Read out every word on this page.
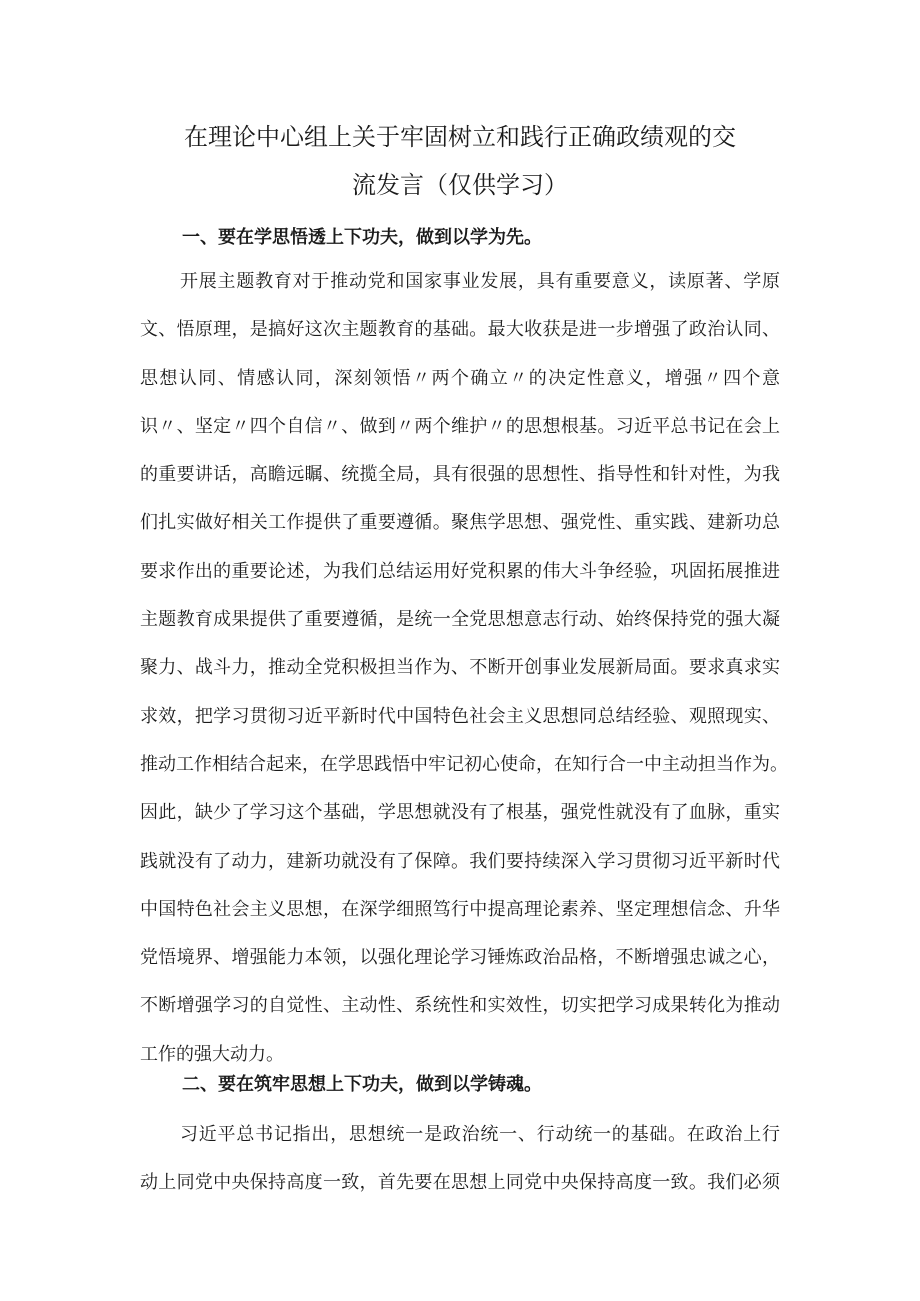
在理论中心组上关于牢固树立和践行正确政绩观的交
流发言（仅供学习）
一、要在学思悟透上下功夫，做到以学为先。
开展主题教育对于推动党和国家事业发展，具有重要意义，读原著、学原
文、悟原理，是搞好这次主题教育的基础。最大收获是进一步增强了政治认同、
思想认同、情感认同，深刻领悟〃两个确立〃的决定性意义，增强〃四个意
识〃、坚定〃四个自信〃、做到〃两个维护〃的思想根基。习近平总书记在会上
的重要讲话，高瞻远瞩、统揽全局，具有很强的思想性、指导性和针对性，为我
们扎实做好相关工作提供了重要遵循。聚焦学思想、强党性、重实践、建新功总
要求作出的重要论述，为我们总结运用好党积累的伟大斗争经验，巩固拓展推进
主题教育成果提供了重要遵循，是统一全党思想意志行动、始终保持党的强大凝
聚力、战斗力，推动全党积极担当作为、不断开创事业发展新局面。要求真求实
求效，把学习贯彻习近平新时代中国特色社会主义思想同总结经验、观照现实、
推动工作相结合起来，在学思践悟中牢记初心使命，在知行合一中主动担当作为。
因此，缺少了学习这个基础，学思想就没有了根基，强党性就没有了血脉，重实
践就没有了动力，建新功就没有了保障。我们要持续深入学习贯彻习近平新时代
中国特色社会主义思想，在深学细照笃行中提高理论素养、坚定理想信念、升华
党悟境界、增强能力本领，以强化理论学习锤炼政治品格，不断增强忠诚之心，
不断增强学习的自觉性、主动性、系统性和实效性，切实把学习成果转化为推动
工作的强大动力。
二、要在筑牢思想上下功夫，做到以学铸魂。
习近平总书记指出，思想统一是政治统一、行动统一的基础。在政治上行
动上同党中央保持高度一致，首先要在思想上同党中央保持高度一致。我们必须
